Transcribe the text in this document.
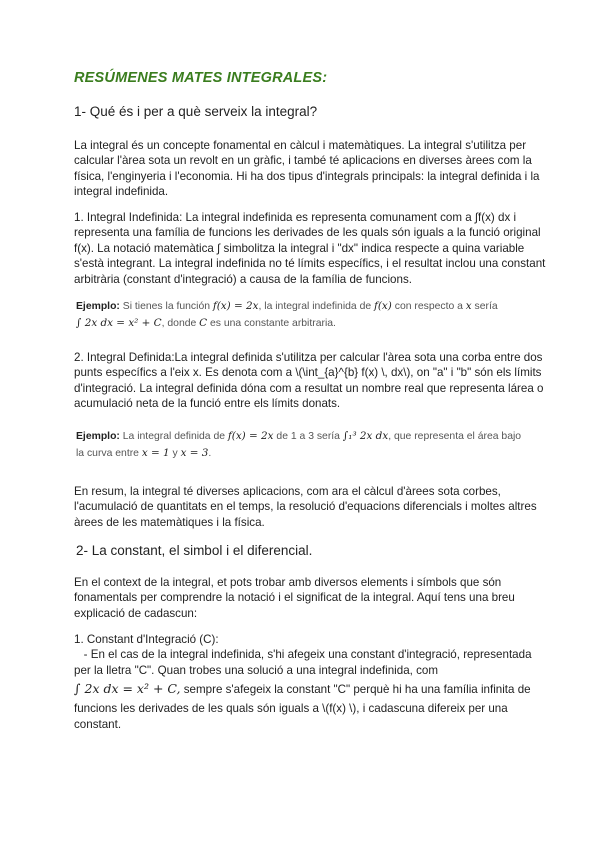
RESÚMENES MATES INTEGRALES:
1- Qué és i per a què serveix la integral?
La integral és un concepte fonamental en càlcul i matemàtiques. La integral s'utilitza per
calcular l'àrea sota un revolt en un gràfic, i també té aplicacions en diverses àrees com la
física, l'enginyeria i l'economia. Hi ha dos tipus d'integrals principals: la integral definida i la
integral indefinida.
1. Integral Indefinida: La integral indefinida es representa comunament com a ∫f(x) dx i
representa una família de funcions les derivades de les quals són iguals a la funció original
f(x). La notació matemàtica ∫ simbolitza la integral i "dx" indica respecte a quina variable
s'està integrant. La integral indefinida no té límits específics, i el resultat inclou una constant
arbitrària (constant d'integració) a causa de la família de funcions.
Ejemplo: Si tienes la función f(x) = 2x, la integral indefinida de f(x) con respecto a x sería
∫ 2x dx = x² + C, donde C es una constante arbitraria.
2. Integral Definida:La integral definida s'utilitza per calcular l'àrea sota una corba entre dos
punts específics a l'eix x. Es denota com a \(\int_{a}^{b} f(x) \, dx\), on "a" i "b" són els límits
d'integració. La integral definida dóna com a resultat un nombre real que representa lárea o
acumulació neta de la funció entre els límits donats.
Ejemplo: La integral definida de f(x) = 2x de 1 a 3 sería ∫₁³ 2x dx, que representa el área bajo
la curva entre x = 1 y x = 3.
En resum, la integral té diverses aplicacions, com ara el càlcul d'àrees sota corbes,
l'acumulació de quantitats en el temps, la resolució d'equacions diferencials i moltes altres
àrees de les matemàtiques i la física.
2- La constant, el simbol i el diferencial.
En el context de la integral, et pots trobar amb diversos elements i símbols que són
fonamentals per comprendre la notació i el significat de la integral. Aquí tens una breu
explicació de cadascun:
1. Constant d'Integració (C):
- En el cas de la integral indefinida, s'hi afegeix una constant d'integració, representada
per la lletra "C". Quan trobes una solució a una integral indefinida, com
∫ 2x dx = x² + C, sempre s'afegeix la constant "C" perquè hi ha una família infinita de
funcions les derivades de les quals són iguals a \(f(x) \), i cadascuna difereix per una
constant.
